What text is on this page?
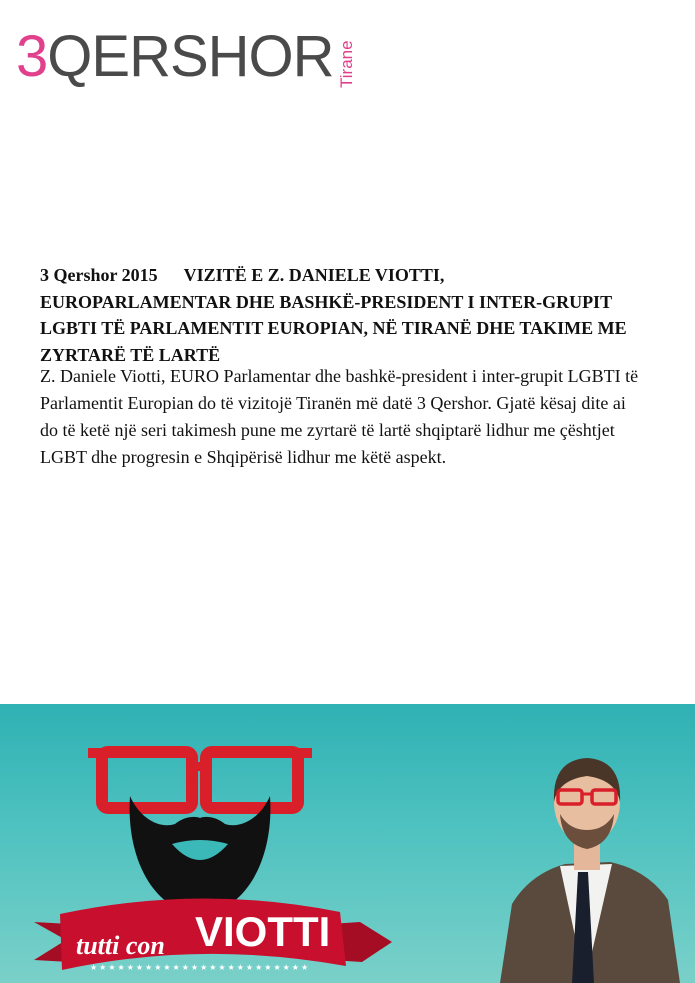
3 QERSHOR Tirane

3 Qershor 2015 VIZITË E Z. DANIELE VIOTTI, EUROPARLAMENTAR DHE BASHKË-PRESIDENT I INTER-GRUPIT LGBTI TË PARLAMENTIT EUROPIAN, NË TIRANË DHE TAKIME ME ZYRTARË TË LARTË

Z. Daniele Viotti, EURO Parlamentar dhe bashkë-president i inter-grupit LGBTI të Parlamentit Europian do të vizitojë Tiranën më datë 3 Qershor. Gjatë kësaj dite ai do të ketë një seri takimesh pune me zyrtarë të lartë shqiptarë lidhur me çështjet LGBT dhe progresin e Shqipërisë lidhur me këtë aspekt.

tutti con VIOTTI
★★★★★★★★★★★★★★★★★★★★★★★★
